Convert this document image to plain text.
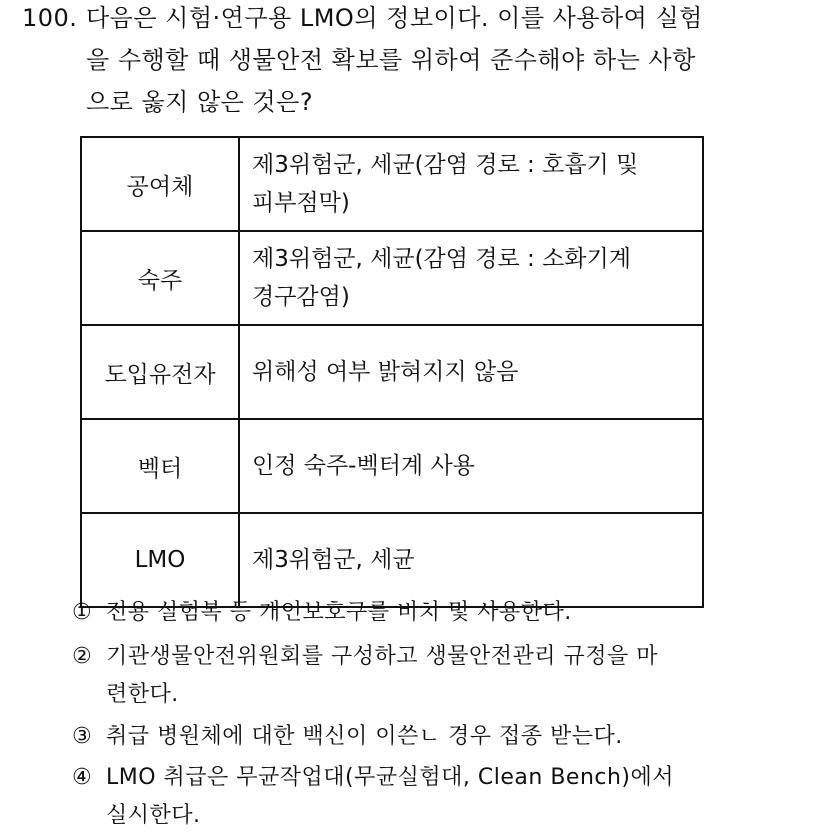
100. 다음은 시험·연구용 LMO의 정보이다. 이를 사용하여 실험
을 수행할 때 생물안전 확보를 위하여 준수해야 하는 사항
으로 옳지 않은 것은?
공여체	제3위험군, 세균(감염 경로 : 호흡기 및 피부점막)
숙주	제3위험군, 세균(감염 경로 : 소화기계 경구감염)
도입유전자	위해성 여부 밝혀지지 않음
벡터	인정 숙주-벡터계 사용
LMO	제3위험군, 세균
① 전용 실험복 등 개인보호구를 비치 및 사용한다.
② 기관생물안전위원회를 구성하고 생물안전관리 규정을 마
련한다.
③ 취급 병원체에 대한 백신이 이쓴ㄴ 경우 접종 받는다.
④ LMO 취급은 무균작업대(무균실험대, Clean Bench)에서
실시한다.
